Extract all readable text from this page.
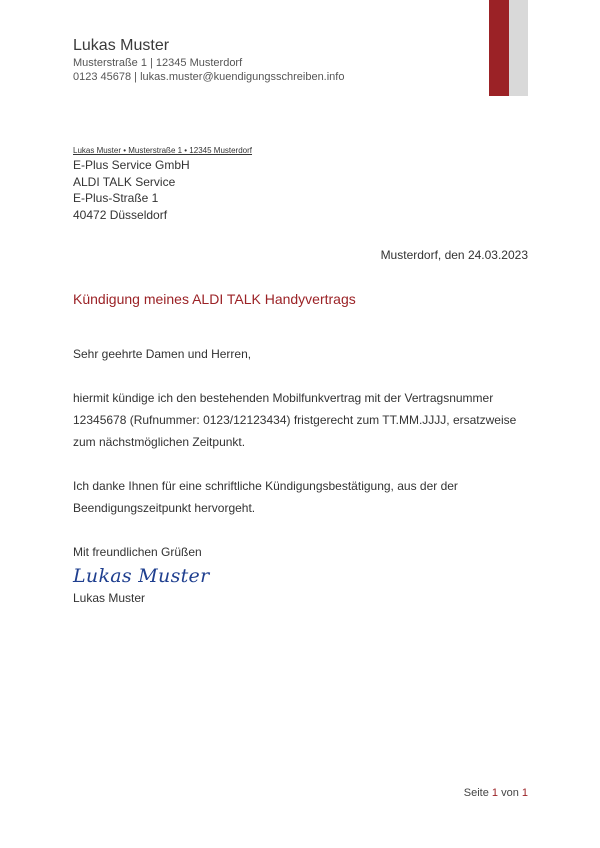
Lukas Muster
Musterstraße 1 | 12345 Musterdorf
0123 45678 | lukas.muster@kuendigungsschreiben.info
Lukas Muster • Musterstraße 1 • 12345 Musterdorf
E-Plus Service GmbH
ALDI TALK Service
E-Plus-Straße 1
40472 Düsseldorf
Musterdorf, den 24.03.2023
Kündigung meines ALDI TALK Handyvertrags
Sehr geehrte Damen und Herren,
hiermit kündige ich den bestehenden Mobilfunkvertrag mit der Vertragsnummer 12345678 (Rufnummer: 0123/12123434) fristgerecht zum TT.MM.JJJJ, ersatzweise zum nächstmöglichen Zeitpunkt.
Ich danke Ihnen für eine schriftliche Kündigungsbestätigung, aus der der Beendigungszeitpunkt hervorgeht.
Mit freundlichen Grüßen
Lukas Muster
Lukas Muster
Seite 1 von 1
